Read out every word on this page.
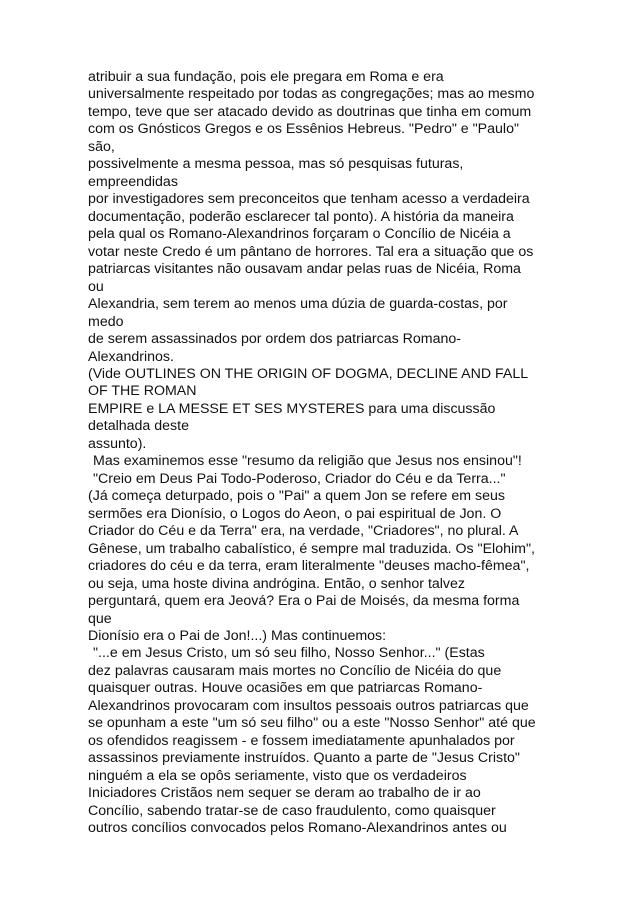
atribuir a sua fundação, pois ele pregara em Roma e era
universalmente respeitado por todas as congregações; mas ao mesmo
tempo, teve que ser atacado devido as doutrinas que tinha em comum
com os Gnósticos Gregos e os Essênios Hebreus. "Pedro" e "Paulo"
são,
possivelmente a mesma pessoa, mas só pesquisas futuras,
empreendidas
por investigadores sem preconceitos que tenham acesso a verdadeira
documentação, poderão esclarecer tal ponto). A história da maneira
pela qual os Romano-Alexandrinos forçaram o Concílio de Nicéia a
votar neste Credo é um pântano de horrores. Tal era a situação que os
patriarcas visitantes não ousavam andar pelas ruas de Nicéia, Roma
ou
Alexandria, sem terem ao menos uma dúzia de guarda-costas, por
medo
de serem assassinados por ordem dos patriarcas Romano-
Alexandrinos.
(Vide OUTLINES ON THE ORIGIN OF DOGMA, DECLINE AND FALL
OF THE ROMAN
EMPIRE e LA MESSE ET SES MYSTERES para uma discussão
detalhada deste
assunto).
Mas examinemos esse "resumo da religião que Jesus nos ensinou"!
"Creio em Deus Pai Todo-Poderoso, Criador do Céu e da Terra..."
(Já começa deturpado, pois o "Pai" a quem Jon se refere em seus
sermões era Dionísio, o Logos do Aeon, o pai espiritual de Jon. O
Criador do Céu e da Terra" era, na verdade, "Criadores", no plural. A
Gênese, um trabalho cabalístico, é sempre mal traduzida. Os "Elohim",
criadores do céu e da terra, eram literalmente "deuses macho-fêmea",
ou seja, uma hoste divina andrógina. Então, o senhor talvez
perguntará, quem era Jeová? Era o Pai de Moisés, da mesma forma
que
Dionísio era o Pai de Jon!...) Mas continuemos:
"...e em Jesus Cristo, um só seu filho, Nosso Senhor..." (Estas
dez palavras causaram mais mortes no Concílio de Nicéia do que
quaisquer outras. Houve ocasiões em que patriarcas Romano-
Alexandrinos provocaram com insultos pessoais outros patriarcas que
se opunham a este "um só seu filho" ou a este "Nosso Senhor" até que
os ofendidos reagissem - e fossem imediatamente apunhalados por
assassinos previamente instruídos. Quanto a parte de "Jesus Cristo"
ninguém a ela se opôs seriamente, visto que os verdadeiros
Iniciadores Cristãos nem sequer se deram ao trabalho de ir ao
Concílio, sabendo tratar-se de caso fraudulento, como quaisquer
outros concílios convocados pelos Romano-Alexandrinos antes ou
